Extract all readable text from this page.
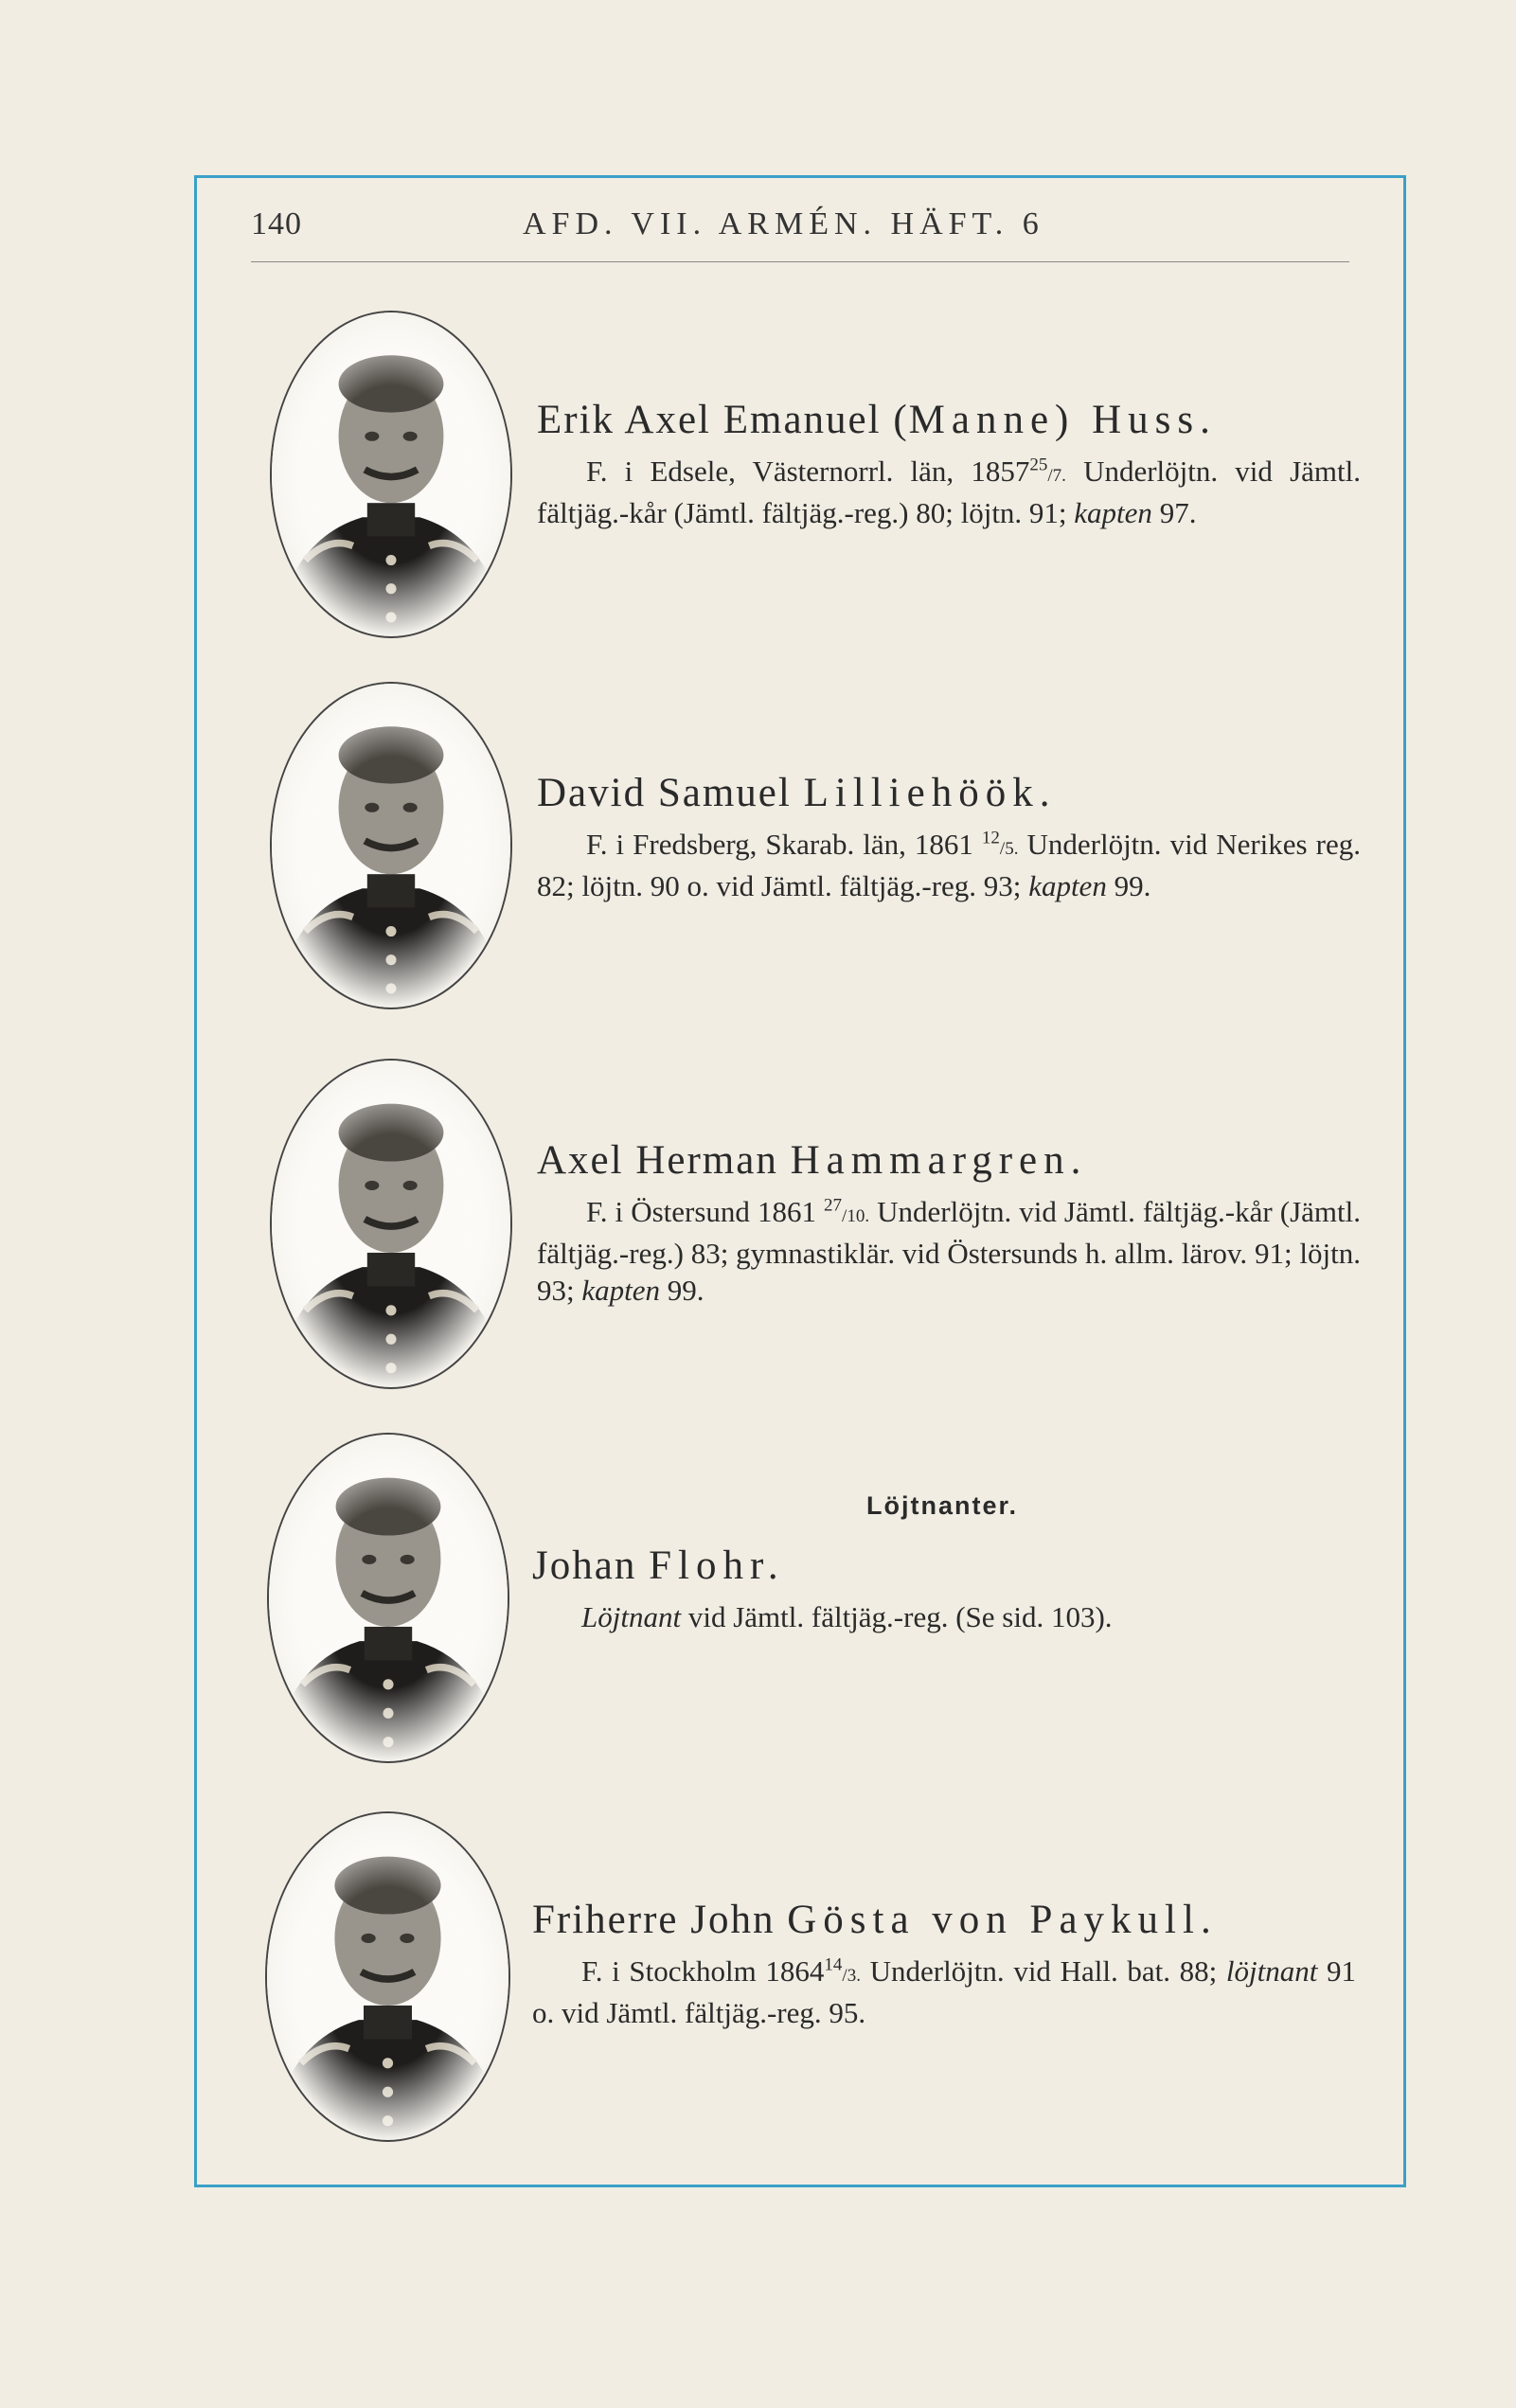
140	AFD. VII. ARMÉN. HÄFT. 6
Erik Axel Emanuel (Manne) Huss.
F. i Edsele, Västernorrl. län, 1857$^{25}$/7. Underlöjtn. vid Jämtl. fältjäg.-kår (Jämtl. fältjäg.-reg.) 80; löjtn. 91; kapten 97.
David Samuel Lilliehöök.
F. i Fredsberg, Skarab. län, 1861 $^{12}$/5. Underlöjtn. vid Nerikes reg. 82; löjtn. 90 o. vid Jämtl. fältjäg.-reg. 93; kapten 99.
Axel Herman Hammargren.
F. i Östersund 1861 $^{27}$/10. Underlöjtn. vid Jämtl. fältjäg.-kår (Jämtl. fältjäg.-reg.) 83; gymnastiklär. vid Östersunds h. allm. lärov. 91; löjtn. 93; kapten 99.
Löjtnanter.
Johan Flohr.
Löjtnant vid Jämtl. fältjäg.-reg. (Se sid. 103).
Friherre John Gösta von Paykull.
F. i Stockholm 1864$^{14}$/3. Underlöjtn. vid Hall. bat. 88; löjtnant 91 o. vid Jämtl. fältjäg.-reg. 95.
